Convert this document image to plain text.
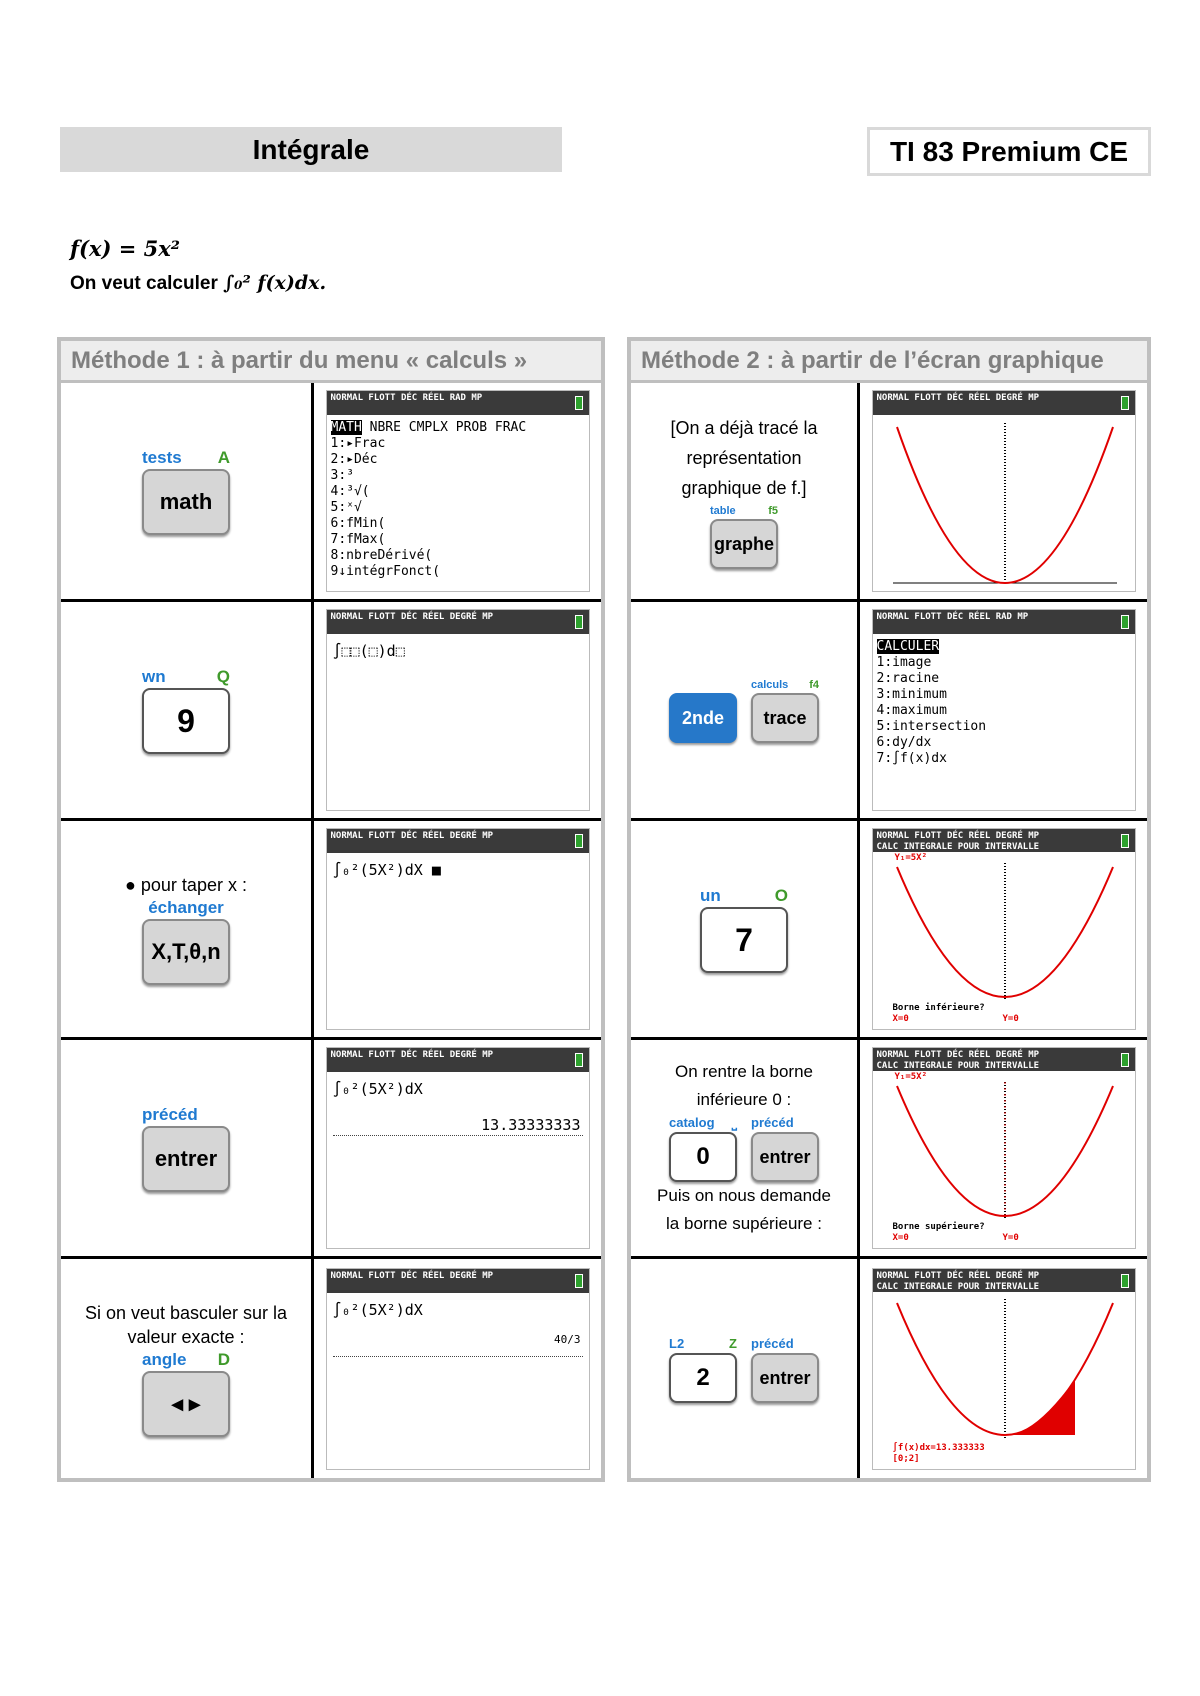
Intégrale	TI 83 Premium CE
f(x) = 5x²
On veut calculer ∫₀² f(x)dx.
Méthode 1 : à partir du menu « calculs »
tests A
math
NORMAL FLOTT DÉC RÉEL RAD MP
MATH NBRE CMPLX PROB FRAC
1:▸Frac
2:▸Déc
3:³
4:³√(
5:ˣ√
6:fMin(
7:fMax(
8:nbreDérivé(
9↓intégrFonct(
wn	Q
9
NORMAL FLOTT DÉC RÉEL DEGRÉ MP
∫⬚⬚(⬚)d⬚
● pour taper x :
échanger
X,T,θ,n
NORMAL FLOTT DÉC RÉEL DEGRÉ MP
∫₀²(5X²)dX ■
précéd
entrer
NORMAL FLOTT DÉC RÉEL DEGRÉ MP
∫₀²(5X²)dX
13.33333333
Si on veut basculer sur la valeur exacte :
angle D
◂ ▸
NORMAL FLOTT DÉC RÉEL DEGRÉ MP
∫₀²(5X²)dX
40/3
Méthode 2 : à partir de l’écran graphique
[On a déjà tracé la représentation graphique de f.]
table	f5
graphe
NORMAL FLOTT DÉC RÉEL DEGRÉ MP
2nde
calculs f4
trace
NORMAL FLOTT DÉC RÉEL RAD MP
CALCULER
1:image
2:racine
3:minimum
4:maximum
5:intersection
6:dy/dx
7:∫f(x)dx
un	O
7
NORMAL FLOTT DÉC RÉEL DEGRÉ MP
CALC INTÉGRALE POUR INTERVALLE
Y₁=5X²
Borne inférieure?
X=0	Y=0
On rentre la borne inférieure 0 :
catalog ⎵
0
précéd
entrer
Puis on nous demande la borne supérieure :
NORMAL FLOTT DÉC RÉEL DEGRÉ MP
CALC INTÉGRALE POUR INTERVALLE
Y₁=5X²
Borne supérieure?
X=0	Y=0
L2	Z
2
précéd
entrer
NORMAL FLOTT DÉC RÉEL DEGRÉ MP
CALC INTÉGRALE POUR INTERVALLE
∫f(x)dx=13.333333
[0;2]
